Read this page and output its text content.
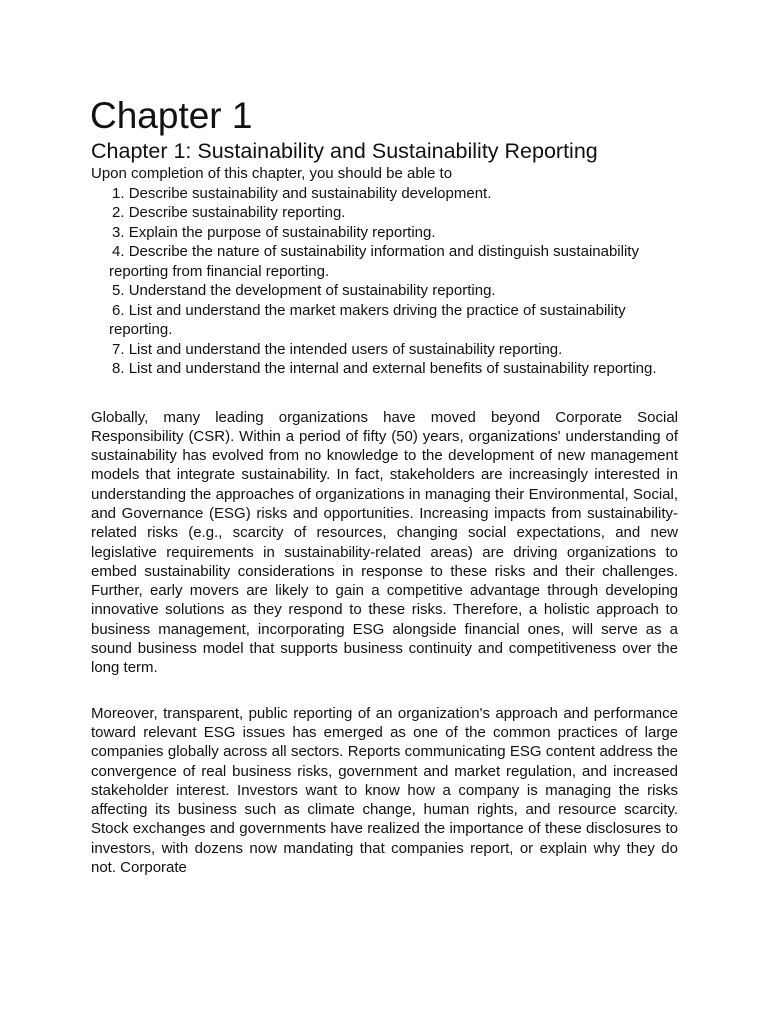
Chapter 1
Chapter 1: Sustainability and Sustainability Reporting

Upon completion of this chapter, you should be able to

1. Describe sustainability and sustainability development.
2. Describe sustainability reporting.
3. Explain the purpose of sustainability reporting.
4. Describe the nature of sustainability information and distinguish sustainability reporting from financial reporting.
5. Understand the development of sustainability reporting.
6. List and understand the market makers driving the practice of sustainability reporting.
7. List and understand the intended users of sustainability reporting.
8. List and understand the internal and external benefits of sustainability reporting.

Globally, many leading organizations have moved beyond Corporate Social Responsibility (CSR). Within a period of fifty (50) years, organizations' understanding of sustainability has evolved from no knowledge to the development of new management models that integrate sustainability. In fact, stakeholders are increasingly interested in understanding the approaches of organizations in managing their Environmental, Social, and Governance (ESG) risks and opportunities. Increasing impacts from sustainability-related risks (e.g., scarcity of resources, changing social expectations, and new legislative requirements in sustainability-related areas) are driving organizations to embed sustainability considerations in response to these risks and their challenges. Further, early movers are likely to gain a competitive advantage through developing innovative solutions as they respond to these risks. Therefore, a holistic approach to business management, incorporating ESG alongside financial ones, will serve as a sound business model that supports business continuity and competitiveness over the long term.

Moreover, transparent, public reporting of an organization's approach and performance toward relevant ESG issues has emerged as one of the common practices of large companies globally across all sectors. Reports communicating ESG content address the convergence of real business risks, government and market regulation, and increased stakeholder interest. Investors want to know how a company is managing the risks affecting its business such as climate change, human rights, and resource scarcity. Stock exchanges and governments have realized the importance of these disclosures to investors, with dozens now mandating that companies report, or explain why they do not. Corporate
